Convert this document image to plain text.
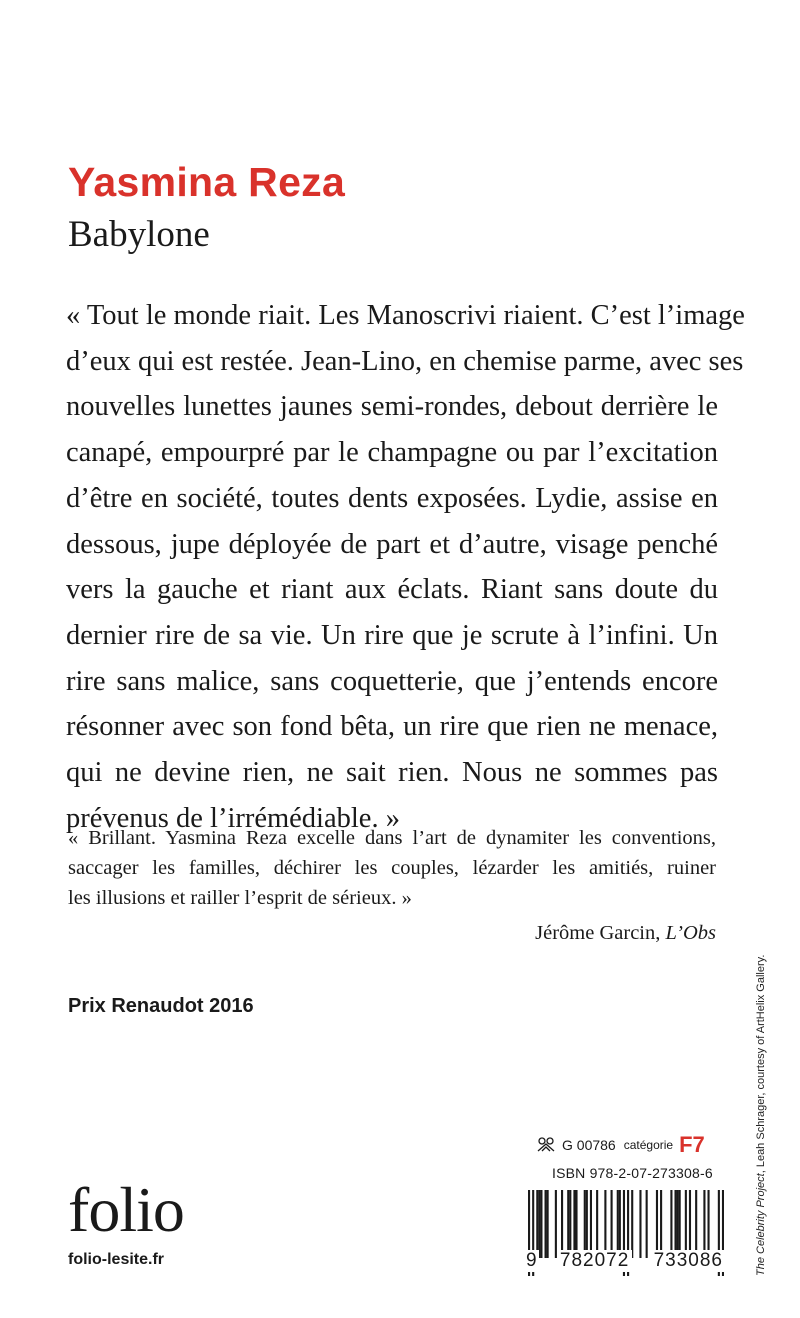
Yasmina Reza
Babylone
« Tout le monde riait. Les Manoscrivi riaient. C’est l’image
d’eux qui est restée. Jean-Lino, en chemise parme, avec ses
nouvelles lunettes jaunes semi-rondes, debout derrière le
canapé, empourpré par le champagne ou par l’excitation
d’être en société, toutes dents exposées. Lydie, assise en
dessous, jupe déployée de part et d’autre, visage penché
vers la gauche et riant aux éclats. Riant sans doute du
dernier rire de sa vie. Un rire que je scrute à l’infini. Un
rire sans malice, sans coquetterie, que j’entends encore
résonner avec son fond bêta, un rire que rien ne menace,
qui ne devine rien, ne sait rien. Nous ne sommes pas
prévenus de l’irrémédiable. »
« Brillant. Yasmina Reza excelle dans l’art de dynamiter les conventions,
saccager les familles, déchirer les couples, lézarder les amitiés, ruiner
les illusions et railler l’esprit de sérieux. »
Jérôme Garcin, L’Obs
Prix Renaudot 2016
The Celebrity Project, Leah Schrager, courtesy of ArtHelix Gallery.
folio
folio-lesite.fr
G 00786 catégorie F7
ISBN 978-2-07-273308-6
9 782072 733086
